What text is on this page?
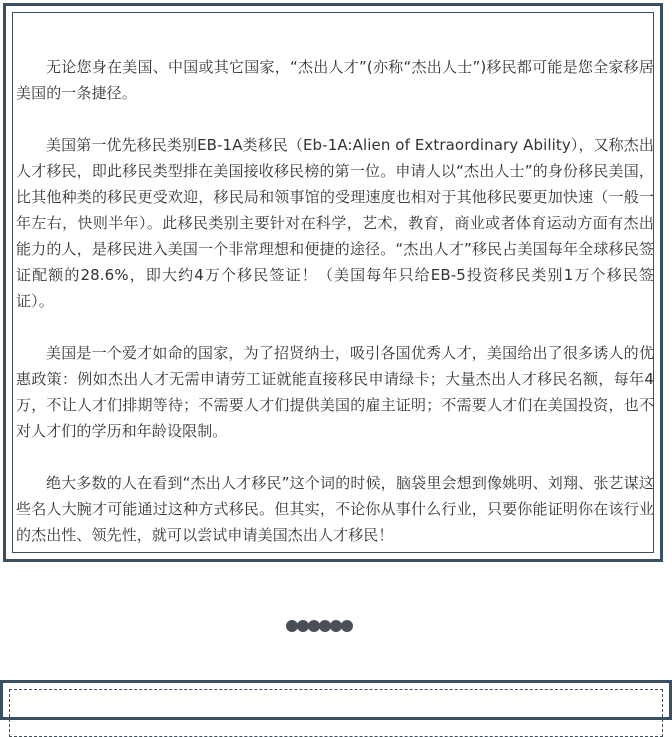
无论您身在美国、中国或其它国家，“杰出人才”(亦称“杰出人士”)移民都可能是您全家移居美国的一条捷径。

美国第一优先移民类别EB-1A类移民（Eb-1A:Alien of Extraordinary Ability），又称杰出人才移民，即此移民类型排在美国接收移民榜的第一位。申请人以“杰出人士”的身份移民美国，比其他种类的移民更受欢迎，移民局和领事馆的受理速度也相对于其他移民要更加快速（一般一年左右，快则半年）。此移民类别主要针对在科学，艺术，教育，商业或者体育运动方面有杰出能力的人，是移民进入美国一个非常理想和便捷的途径。“杰出人才”移民占美国每年全球移民签证配额的28.6%，即大约4万个移民签证！（美国每年只给EB-5投资移民类别1万个移民签证）。

美国是一个爱才如命的国家，为了招贤纳士，吸引各国优秀人才，美国给出了很多诱人的优惠政策：例如杰出人才无需申请劳工证就能直接移民申请绿卡；大量杰出人才移民名额，每年4万，不让人才们排期等待；不需要人才们提供美国的雇主证明；不需要人才们在美国投资，也不对人才们的学历和年龄设限制。

绝大多数的人在看到“杰出人才移民”这个词的时候，脑袋里会想到像姚明、刘翔、张艺谋这些名人大腕才可能通过这种方式移民。但其实，不论你从事什么行业，只要你能证明你在该行业的杰出性、领先性，就可以尝试申请美国杰出人才移民！
